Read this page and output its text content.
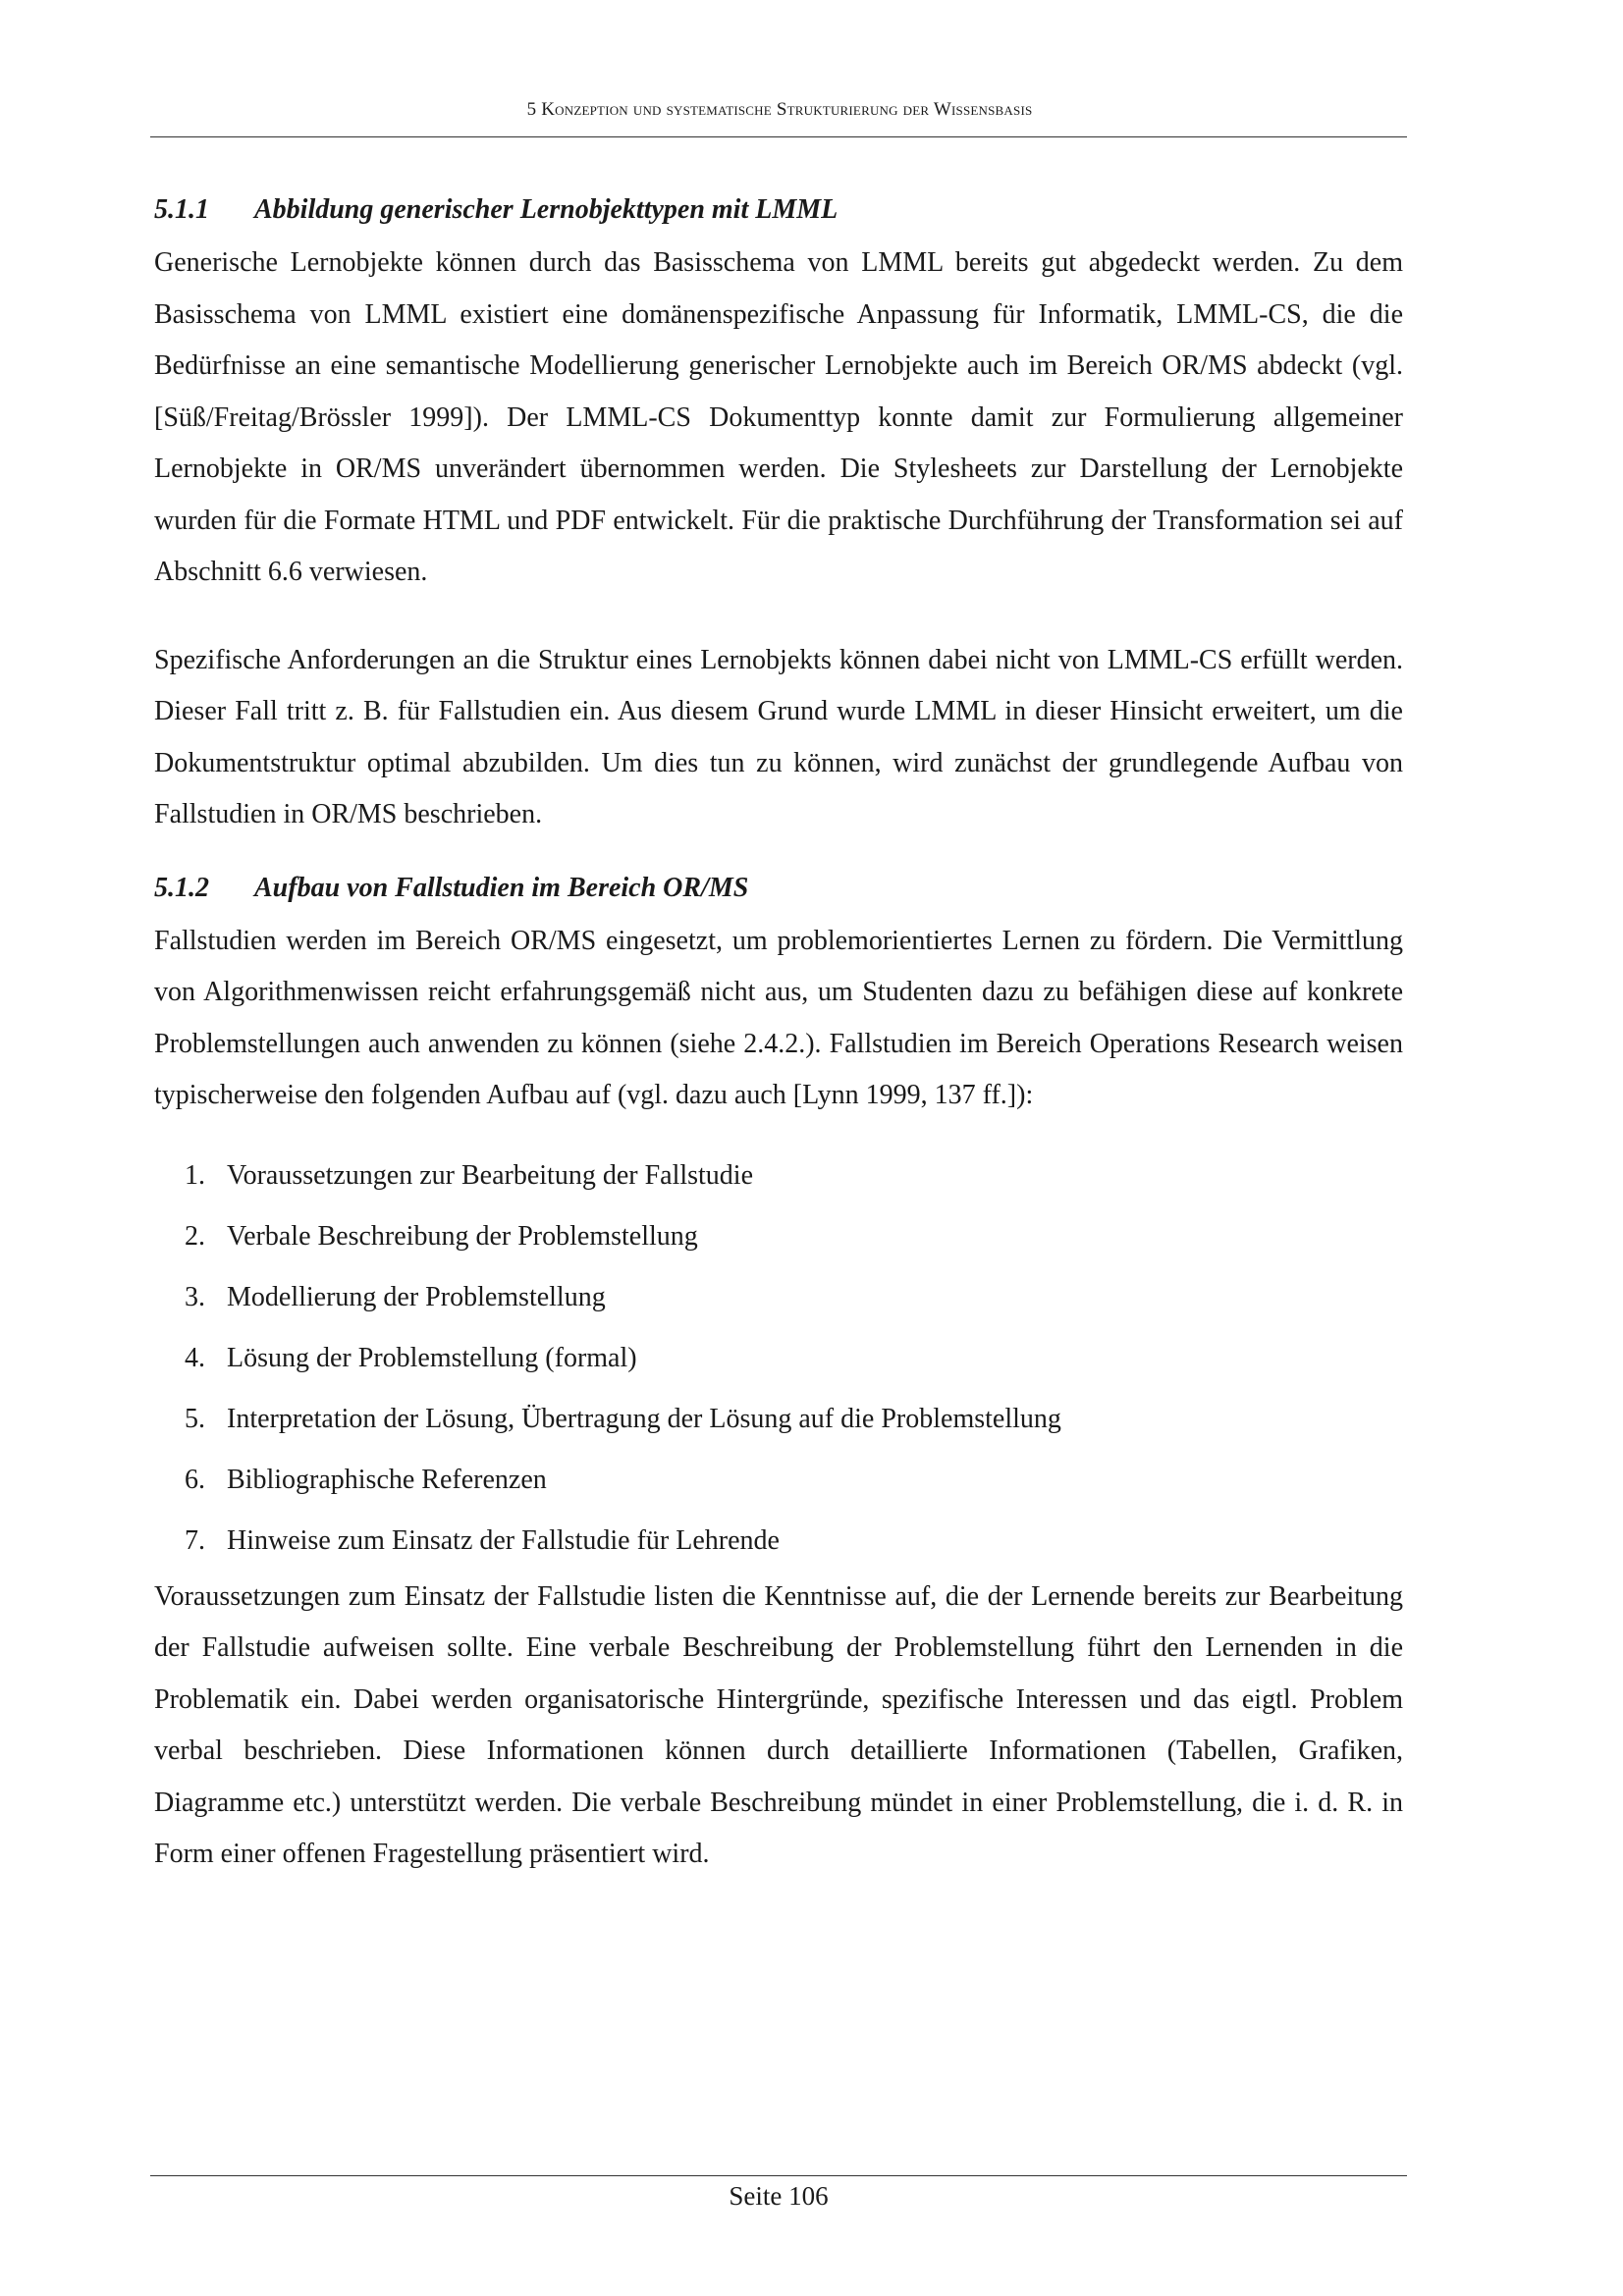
5 Konzeption und systematische Strukturierung der Wissensbasis
5.1.1	Abbildung generischer Lernobjekttypen mit LMML

Generische Lernobjekte können durch das Basisschema von LMML bereits gut abgedeckt werden. Zu dem Basisschema von LMML existiert eine domänenspezifische Anpassung für Informatik, LMML-CS, die die Bedürfnisse an eine semantische Modellierung generischer Lernobjekte auch im Bereich OR/MS abdeckt (vgl. [Süß/Freitag/Brössler 1999]). Der LMML-CS Dokumenttyp konnte damit zur Formulierung allgemeiner Lernobjekte in OR/MS unverändert übernommen werden. Die Stylesheets zur Darstellung der Lernobjekte wurden für die Formate HTML und PDF entwickelt. Für die praktische Durchführung der Transformation sei auf Abschnitt 6.6 verwiesen.

Spezifische Anforderungen an die Struktur eines Lernobjekts können dabei nicht von LMML-CS erfüllt werden. Dieser Fall tritt z. B. für Fallstudien ein. Aus diesem Grund wurde LMML in dieser Hinsicht erweitert, um die Dokumentstruktur optimal abzubilden. Um dies tun zu können, wird zunächst der grundlegende Aufbau von Fallstudien in OR/MS beschrieben.

5.1.2	Aufbau von Fallstudien im Bereich OR/MS

Fallstudien werden im Bereich OR/MS eingesetzt, um problemorientiertes Lernen zu fördern. Die Vermittlung von Algorithmenwissen reicht erfahrungsgemäß nicht aus, um Studenten dazu zu befähigen diese auf konkrete Problemstellungen auch anwenden zu können (siehe 2.4.2.). Fallstudien im Bereich Operations Research weisen typischerweise den folgenden Aufbau auf (vgl. dazu auch [Lynn 1999, 137 ff.]):

1. Voraussetzungen zur Bearbeitung der Fallstudie
2. Verbale Beschreibung der Problemstellung
3. Modellierung der Problemstellung
4. Lösung der Problemstellung (formal)
5. Interpretation der Lösung, Übertragung der Lösung auf die Problemstellung
6. Bibliographische Referenzen
7. Hinweise zum Einsatz der Fallstudie für Lehrende

Voraussetzungen zum Einsatz der Fallstudie listen die Kenntnisse auf, die der Lernende bereits zur Bearbeitung der Fallstudie aufweisen sollte. Eine verbale Beschreibung der Problemstellung führt den Lernenden in die Problematik ein. Dabei werden organisatorische Hintergründe, spezifische Interessen und das eigtl. Problem verbal beschrieben. Diese Informationen können durch detaillierte Informationen (Tabellen, Grafiken, Diagramme etc.) unterstützt werden. Die verbale Beschreibung mündet in einer Problemstellung, die i. d. R. in Form einer offenen Fragestellung präsentiert wird.

Seite 106
